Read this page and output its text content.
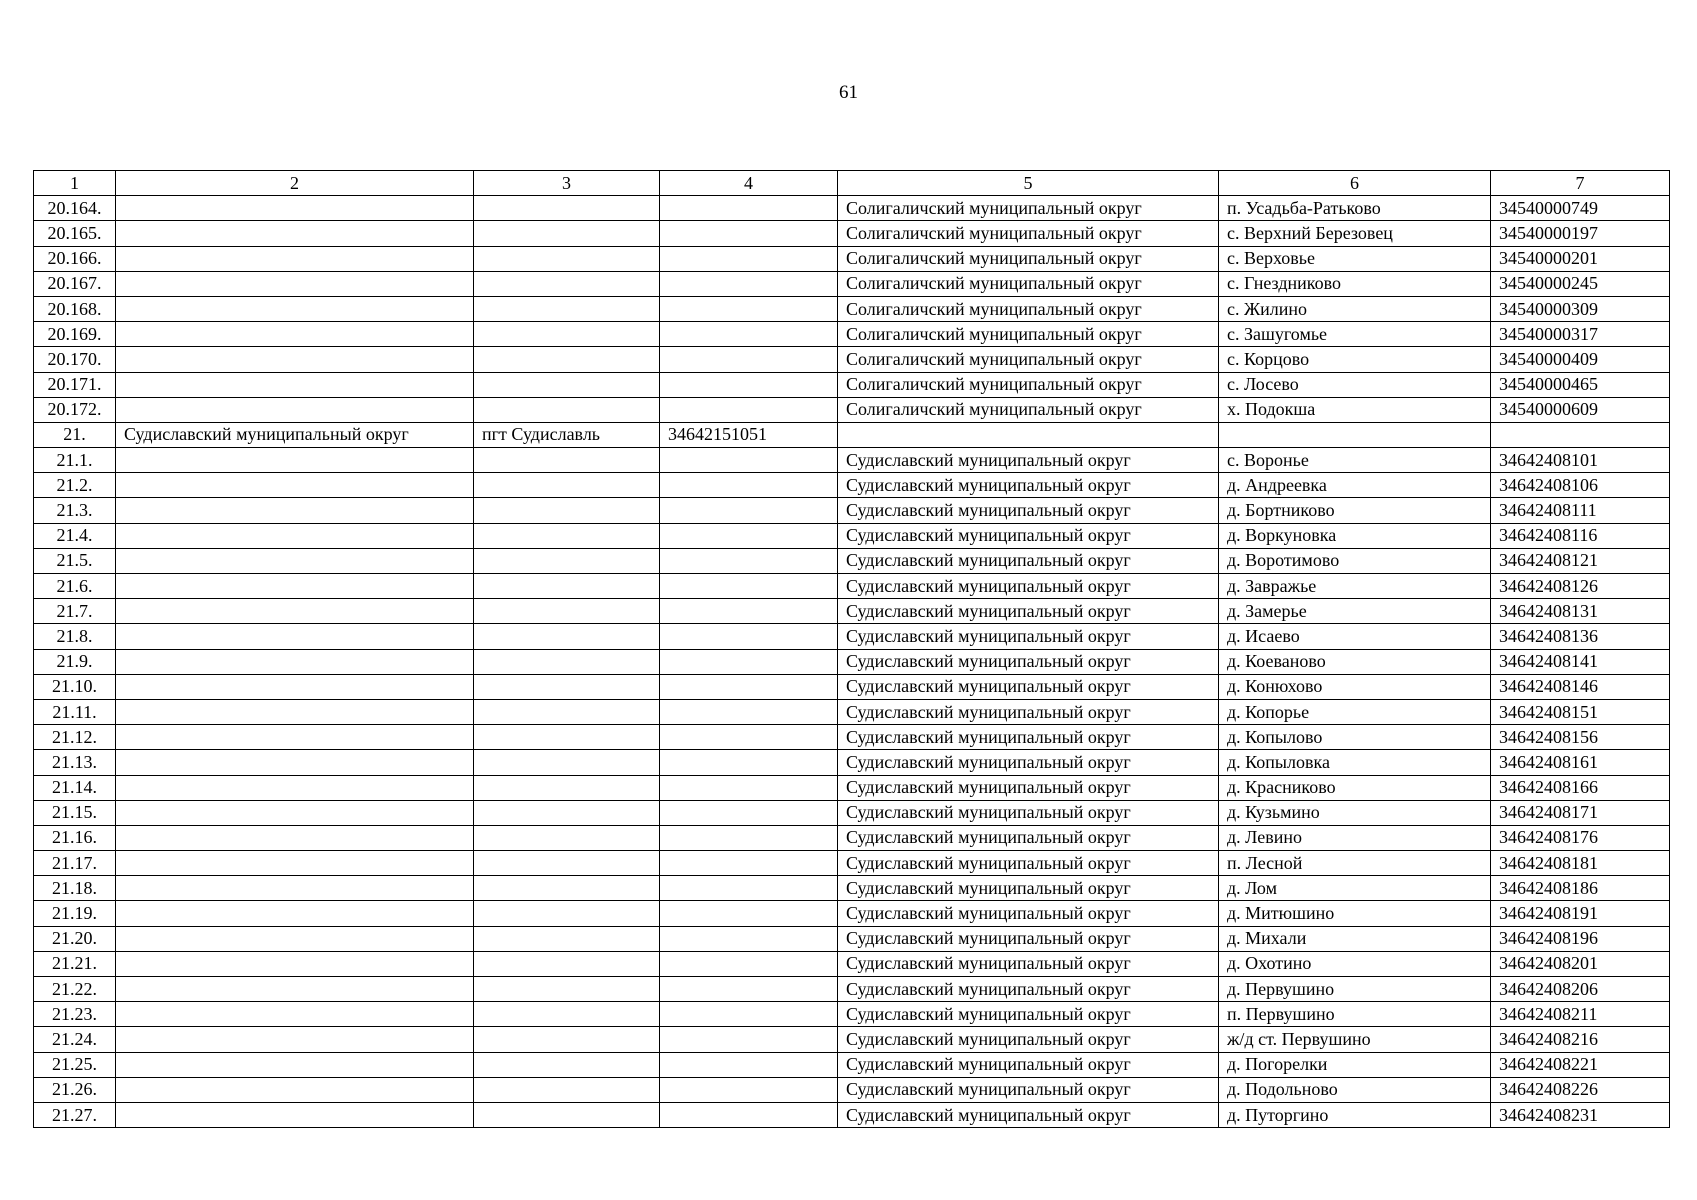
61
1	2	3	4	5	6	7
20.164.				Солигаличский муниципальный округ	п. Усадьба-Ратьково	34540000749
20.165.				Солигаличский муниципальный округ	с. Верхний Березовец	34540000197
20.166.				Солигаличский муниципальный округ	с. Верховье	34540000201
20.167.				Солигаличский муниципальный округ	с. Гнездниково	34540000245
20.168.				Солигаличский муниципальный округ	с. Жилино	34540000309
20.169.				Солигаличский муниципальный округ	с. Зашугомье	34540000317
20.170.				Солигаличский муниципальный округ	с. Корцово	34540000409
20.171.				Солигаличский муниципальный округ	с. Лосево	34540000465
20.172.				Солигаличский муниципальный округ	х. Подокша	34540000609
21.	Судиславский муниципальный округ	пгт Судиславль	34642151051			
21.1.				Судиславский муниципальный округ	с. Воронье	34642408101
21.2.				Судиславский муниципальный округ	д. Андреевка	34642408106
21.3.				Судиславский муниципальный округ	д. Бортниково	34642408111
21.4.				Судиславский муниципальный округ	д. Воркуновка	34642408116
21.5.				Судиславский муниципальный округ	д. Воротимово	34642408121
21.6.				Судиславский муниципальный округ	д. Завражье	34642408126
21.7.				Судиславский муниципальный округ	д. Замерье	34642408131
21.8.				Судиславский муниципальный округ	д. Исаево	34642408136
21.9.				Судиславский муниципальный округ	д. Коеваново	34642408141
21.10.				Судиславский муниципальный округ	д. Конюхово	34642408146
21.11.				Судиславский муниципальный округ	д. Копорье	34642408151
21.12.				Судиславский муниципальный округ	д. Копылово	34642408156
21.13.				Судиславский муниципальный округ	д. Копыловка	34642408161
21.14.				Судиславский муниципальный округ	д. Красниково	34642408166
21.15.				Судиславский муниципальный округ	д. Кузьмино	34642408171
21.16.				Судиславский муниципальный округ	д. Левино	34642408176
21.17.				Судиславский муниципальный округ	п. Лесной	34642408181
21.18.				Судиславский муниципальный округ	д. Лом	34642408186
21.19.				Судиславский муниципальный округ	д. Митюшино	34642408191
21.20.				Судиславский муниципальный округ	д. Михали	34642408196
21.21.				Судиславский муниципальный округ	д. Охотино	34642408201
21.22.				Судиславский муниципальный округ	д. Первушино	34642408206
21.23.				Судиславский муниципальный округ	п. Первушино	34642408211
21.24.				Судиславский муниципальный округ	ж/д ст. Первушино	34642408216
21.25.				Судиславский муниципальный округ	д. Погорелки	34642408221
21.26.				Судиславский муниципальный округ	д. Подольново	34642408226
21.27.				Судиславский муниципальный округ	д. Путоргино	34642408231
